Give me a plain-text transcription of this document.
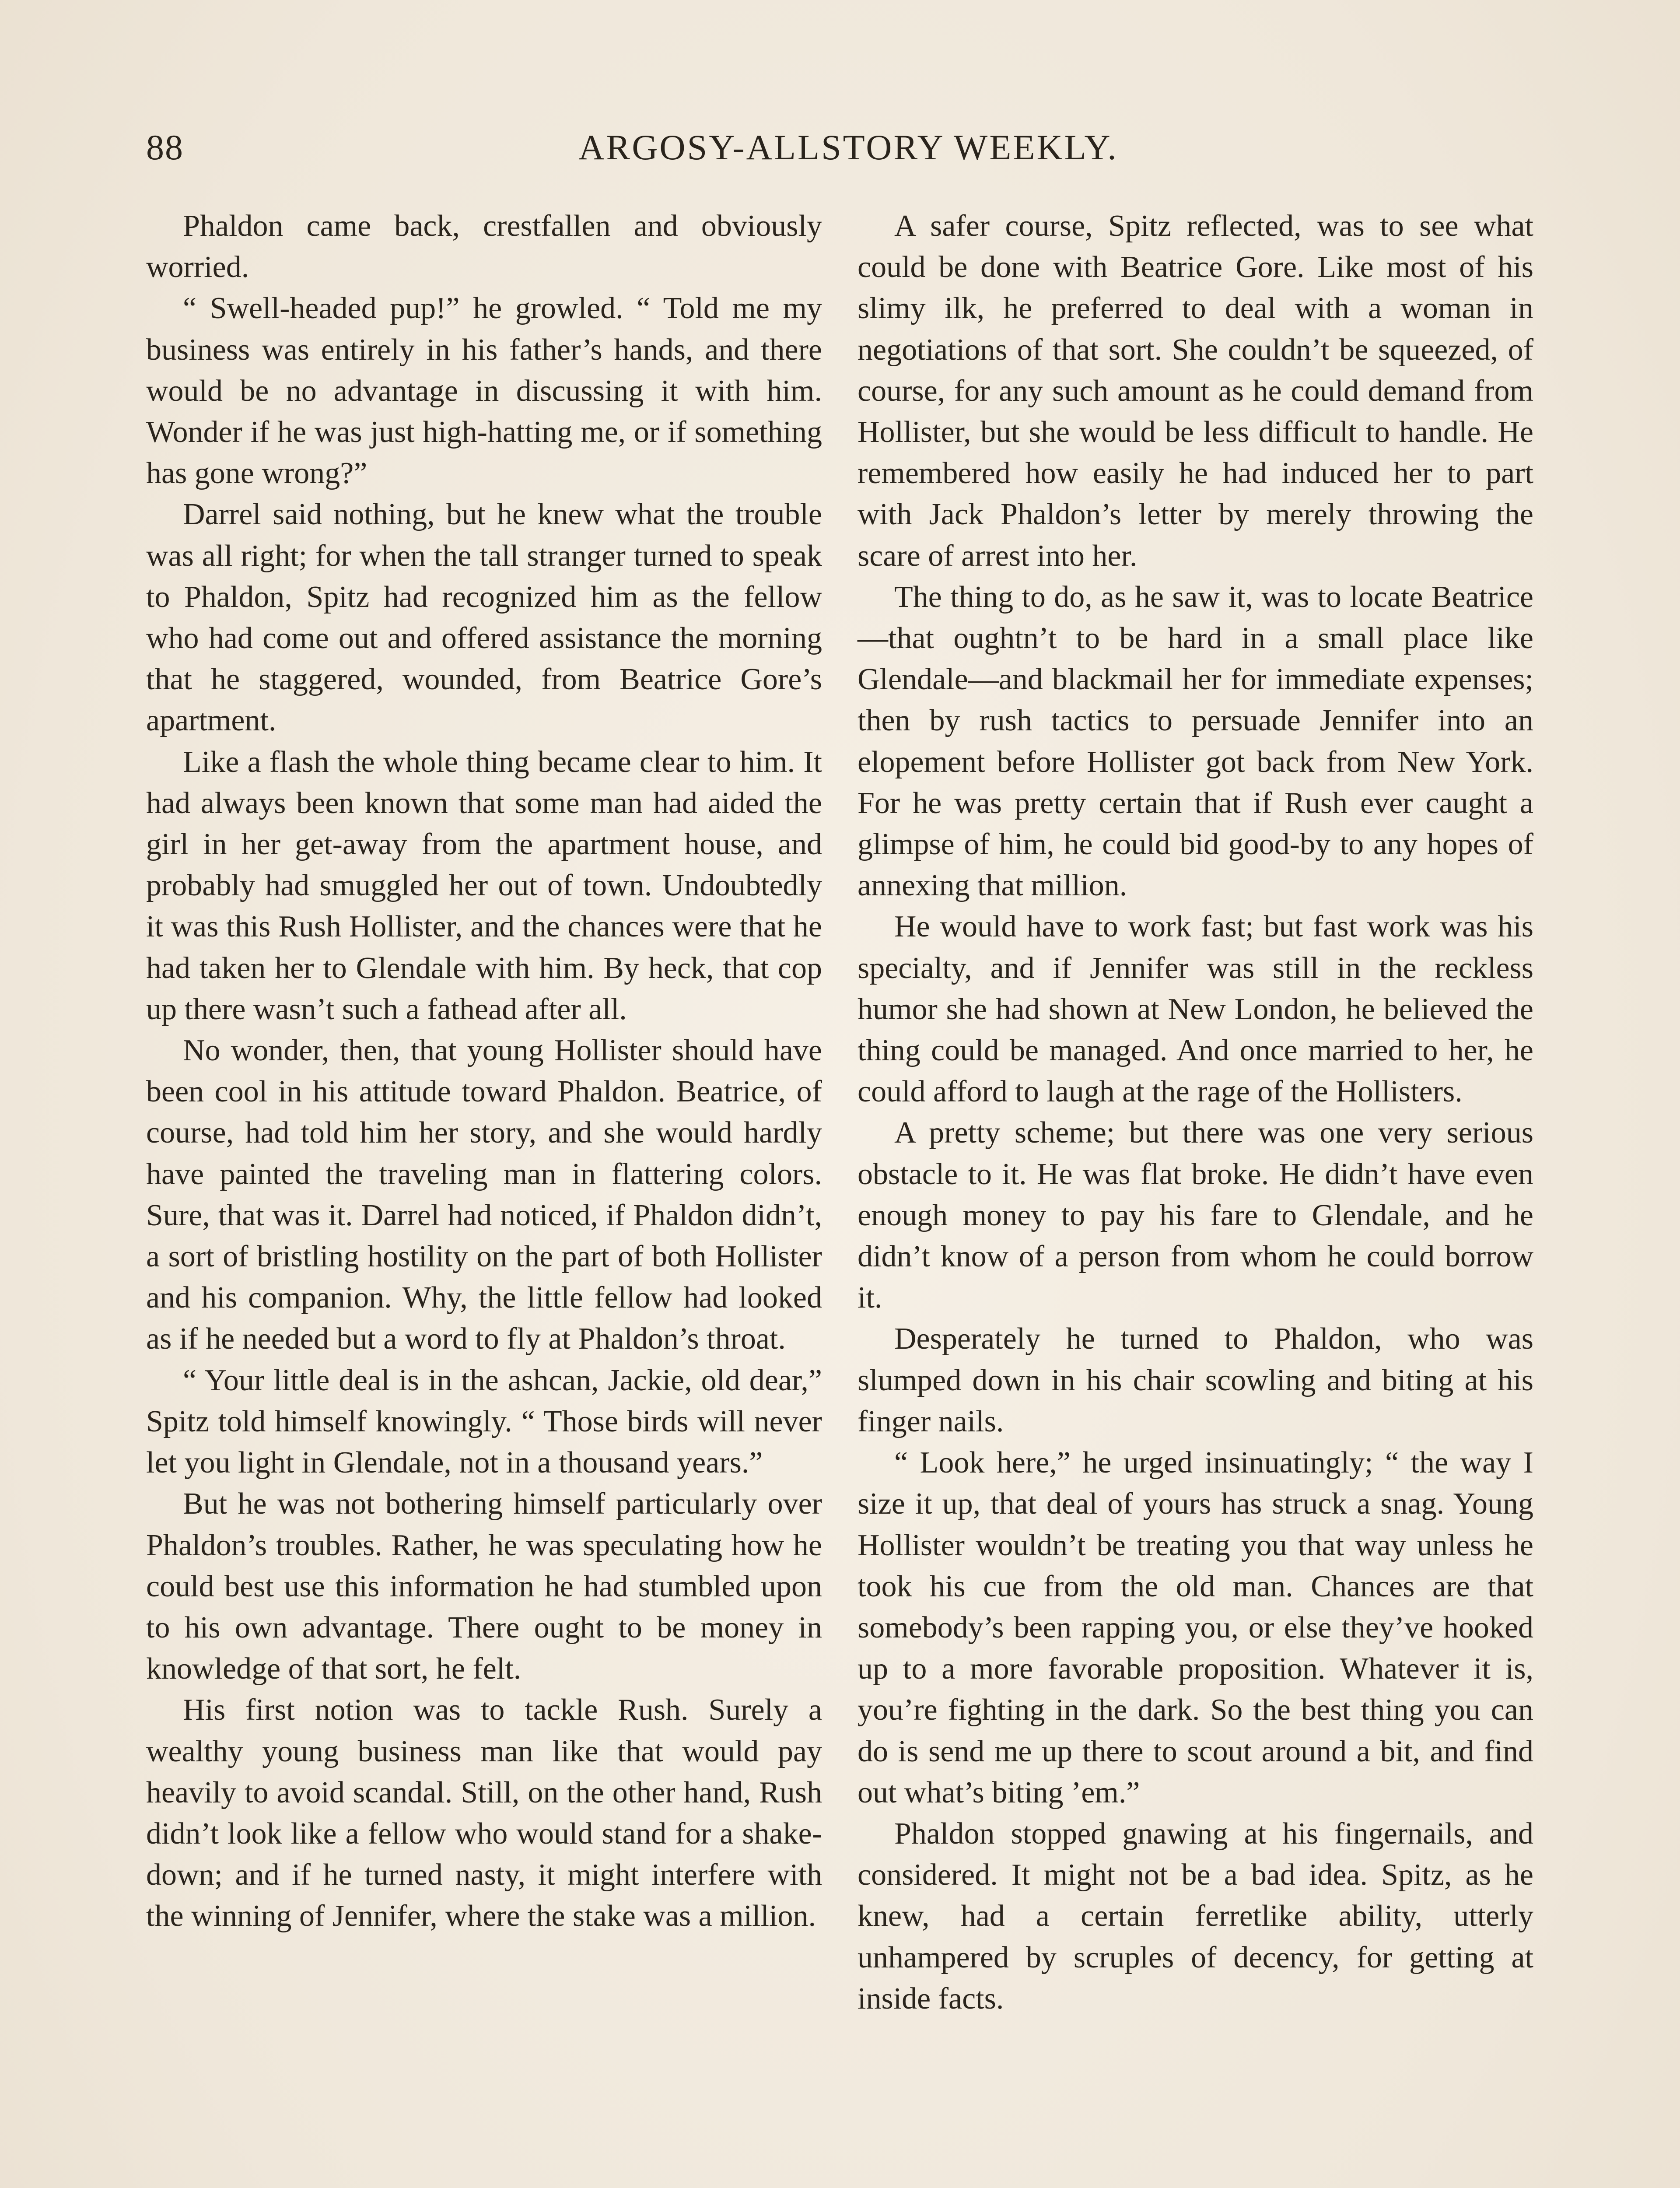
88	ARGOSY-ALLSTORY WEEKLY.

Phaldon came back, crestfallen and obviously worried.

“ Swell-headed pup!” he growled. “ Told me my business was entirely in his father’s hands, and there would be no advantage in discussing it with him. Wonder if he was just high-hatting me, or if something has gone wrong?”

Darrel said nothing, but he knew what the trouble was all right; for when the tall stranger turned to speak to Phaldon, Spitz had recognized him as the fellow who had come out and offered assistance the morning that he staggered, wounded, from Beatrice Gore’s apartment.

Like a flash the whole thing became clear to him. It had always been known that some man had aided the girl in her get-away from the apartment house, and probably had smuggled her out of town. Undoubtedly it was this Rush Hollister, and the chances were that he had taken her to Glendale with him. By heck, that cop up there wasn’t such a fathead after all.

No wonder, then, that young Hollister should have been cool in his attitude toward Phaldon. Beatrice, of course, had told him her story, and she would hardly have painted the traveling man in flattering colors. Sure, that was it. Darrel had noticed, if Phaldon didn’t, a sort of bristling hostility on the part of both Hollister and his companion. Why, the little fellow had looked as if he needed but a word to fly at Phaldon’s throat.

“ Your little deal is in the ashcan, Jackie, old dear,” Spitz told himself knowingly. “ Those birds will never let you light in Glendale, not in a thousand years.”

But he was not bothering himself particularly over Phaldon’s troubles. Rather, he was speculating how he could best use this information he had stumbled upon to his own advantage. There ought to be money in knowledge of that sort, he felt.

His first notion was to tackle Rush. Surely a wealthy young business man like that would pay heavily to avoid scandal. Still, on the other hand, Rush didn’t look like a fellow who would stand for a shakedown; and if he turned nasty, it might interfere with the winning of Jennifer, where the stake was a million.

A safer course, Spitz reflected, was to see what could be done with Beatrice Gore. Like most of his slimy ilk, he preferred to deal with a woman in negotiations of that sort. She couldn’t be squeezed, of course, for any such amount as he could demand from Hollister, but she would be less difficult to handle. He remembered how easily he had induced her to part with Jack Phaldon’s letter by merely throwing the scare of arrest into her.

The thing to do, as he saw it, was to locate Beatrice—that oughtn’t to be hard in a small place like Glendale—and blackmail her for immediate expenses; then by rush tactics to persuade Jennifer into an elopement before Hollister got back from New York. For he was pretty certain that if Rush ever caught a glimpse of him, he could bid good-by to any hopes of annexing that million.

He would have to work fast; but fast work was his specialty, and if Jennifer was still in the reckless humor she had shown at New London, he believed the thing could be managed. And once married to her, he could afford to laugh at the rage of the Hollisters.

A pretty scheme; but there was one very serious obstacle to it. He was flat broke. He didn’t have even enough money to pay his fare to Glendale, and he didn’t know of a person from whom he could borrow it.

Desperately he turned to Phaldon, who was slumped down in his chair scowling and biting at his finger nails.

“ Look here,” he urged insinuatingly; “ the way I size it up, that deal of yours has struck a snag. Young Hollister wouldn’t be treating you that way unless he took his cue from the old man. Chances are that somebody’s been rapping you, or else they’ve hooked up to a more favorable proposition. Whatever it is, you’re fighting in the dark. So the best thing you can do is send me up there to scout around a bit, and find out what’s biting ’em.”

Phaldon stopped gnawing at his fingernails, and considered. It might not be a bad idea. Spitz, as he knew, had a certain ferretlike ability, utterly unhampered by scruples of decency, for getting at inside facts.
